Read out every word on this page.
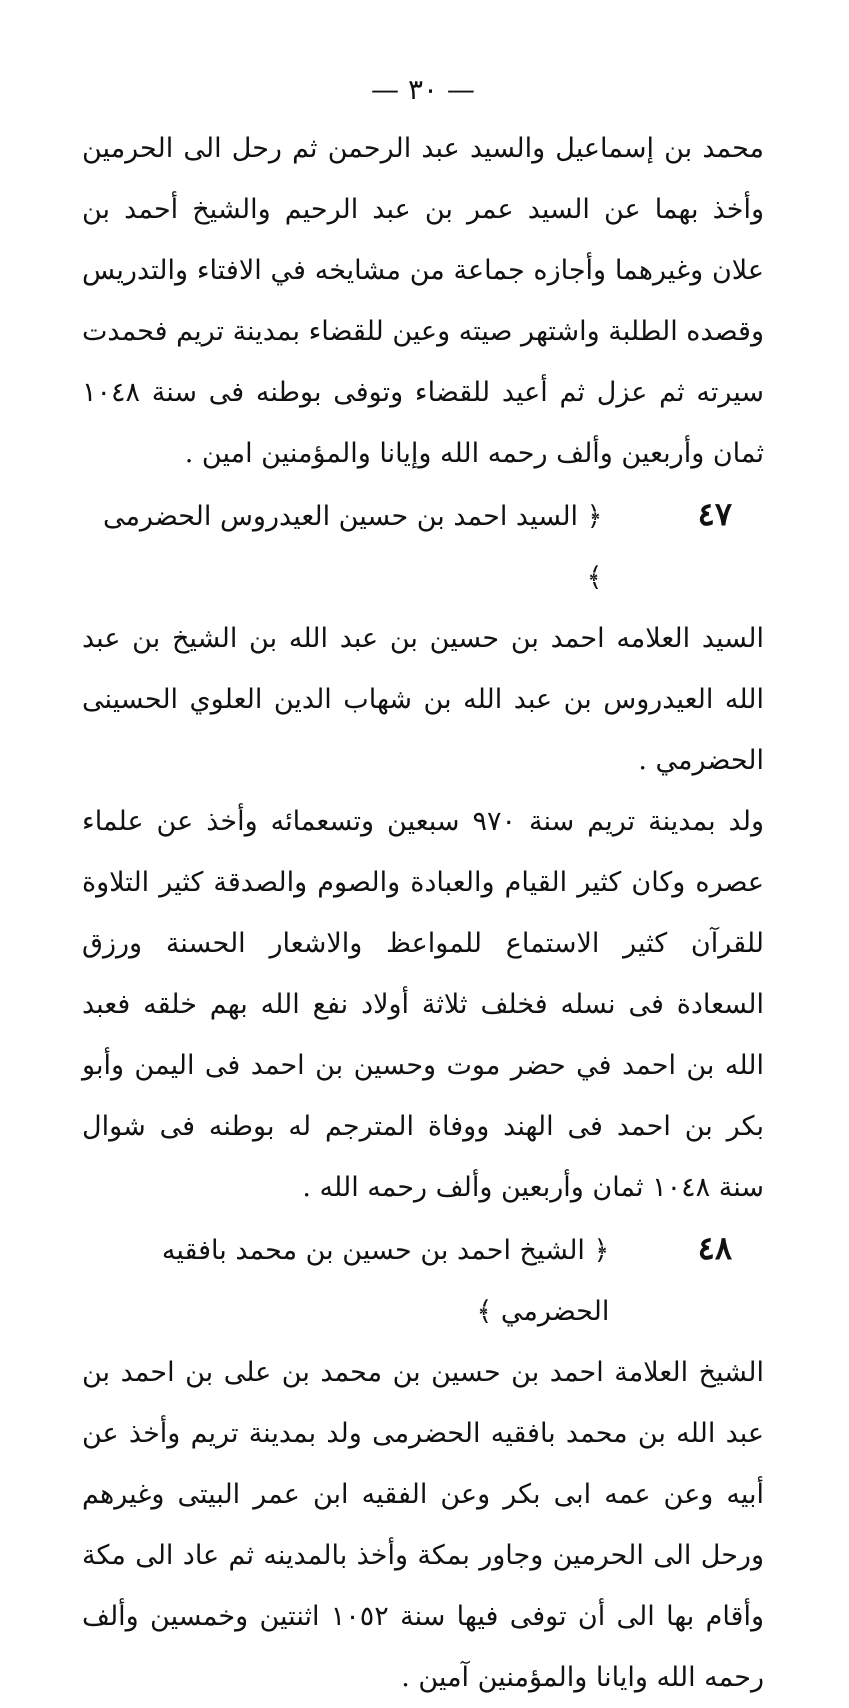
— ٣٠ —

محمد بن إسماعيل والسيد عبد الرحمن ثم رحل الى الحرمين وأخذ بهما عن السيد عمر بن عبد الرحيم والشيخ أحمد بن علان وغيرهما وأجازه جماعة من مشايخه في الافتاء والتدريس وقصده الطلبة واشتهر صيته وعين للقضاء بمدينة تريم فحمدت سيرته ثم عزل ثم أعيد للقضاء وتوفى بوطنه فى سنة ١٠٤٨ ثمان وأربعين وألف رحمه الله وإيانا والمؤمنين امين .

٤٧
﴿ السيد احمد بن حسين العيدروس الحضرمى ﴾

السيد العلامه احمد بن حسين بن عبد الله بن الشيخ بن عبد الله العيدروس بن عبد الله بن شهاب الدين العلوي الحسينى الحضرمي .

ولد بمدينة تريم سنة ٩٧٠ سبعين وتسعمائه وأخذ عن علماء عصره وكان كثير القيام والعبادة والصوم والصدقة كثير التلاوة للقرآن كثير الاستماع للمواعظ والاشعار الحسنة ورزق السعادة فى نسله فخلف ثلاثة أولاد نفع الله بهم خلقه فعبد الله بن احمد في حضر موت وحسين بن احمد فى اليمن وأبو بكر بن احمد فى الهند ووفاة المترجم له بوطنه فى شوال سنة ١٠٤٨ ثمان وأربعين وألف رحمه الله .

٤٨
﴿ الشيخ احمد بن حسين بن محمد بافقيه الحضرمي ﴾

الشيخ العلامة احمد بن حسين بن محمد بن على بن احمد بن عبد الله بن محمد بافقيه الحضرمى ولد بمدينة تريم وأخذ عن أبيه وعن عمه ابى بكر وعن الفقيه ابن عمر البيتى وغيرهم ورحل الى الحرمين وجاور بمكة وأخذ بالمدينه ثم عاد الى مكة وأقام بها الى أن توفى فيها سنة ١٠٥٢ اثنتين وخمسين وألف رحمه الله وايانا والمؤمنين آمين .
